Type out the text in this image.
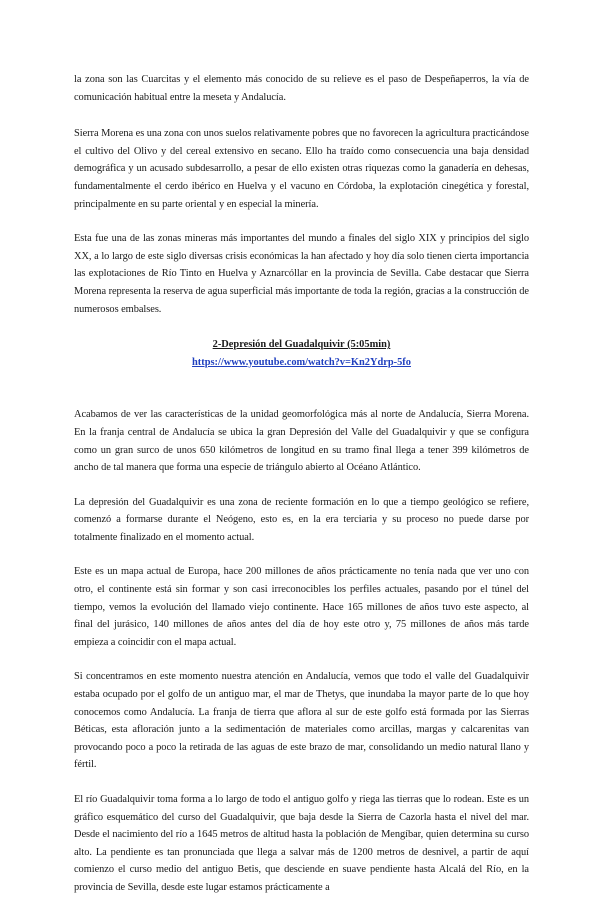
la zona son las Cuarcitas y el elemento más conocido de su relieve es el paso de Despeñaperros, la vía de comunicación habitual entre la meseta y Andalucía.

Sierra Morena es una zona con unos suelos relativamente pobres que no favorecen la agricultura practicándose el cultivo del Olivo y del cereal extensivo en secano. Ello ha traído como consecuencia una baja densidad demográfica y un acusado subdesarrollo, a pesar de ello existen otras riquezas como la ganadería en dehesas, fundamentalmente el cerdo ibérico en Huelva y el vacuno en Córdoba, la explotación cinegética y forestal, principalmente en su parte oriental y en especial la minería.

Esta fue una de las zonas mineras más importantes del mundo a finales del siglo XIX y principios del siglo XX, a lo largo de este siglo diversas crisis económicas la han afectado y hoy día solo tienen cierta importancia las explotaciones de Río Tinto en Huelva y Aznarcóllar en la provincia de Sevilla. Cabe destacar que Sierra Morena representa la reserva de agua superficial más importante de toda la región, gracias a la construcción de numerosos embalses.

2-Depresión del Guadalquivir (5:05min)
https://www.youtube.com/watch?v=Kn2Ydrp-5fo

Acabamos de ver las características de la unidad geomorfológica más al norte de Andalucía, Sierra Morena. En la franja central de Andalucía se ubica la gran Depresión del Valle del Guadalquivir y que se configura como un gran surco de unos 650 kilómetros de longitud en su tramo final llega a tener 399 kilómetros de ancho de tal manera que forma una especie de triángulo abierto al Océano Atlántico.

La depresión del Guadalquivir es una zona de reciente formación en lo que a tiempo geológico se refiere, comenzó a formarse durante el Neógeno, esto es, en la era terciaria y su proceso no puede darse por totalmente finalizado en el momento actual.

Este es un mapa actual de Europa, hace 200 millones de años prácticamente no tenía nada que ver uno con otro, el continente está sin formar y son casi irreconocibles los perfiles actuales, pasando por el túnel del tiempo, vemos la evolución del llamado viejo continente. Hace 165 millones de años tuvo este aspecto, al final del jurásico, 140 millones de años antes del día de hoy este otro y, 75 millones de años más tarde empieza a coincidir con el mapa actual.

Si concentramos en este momento nuestra atención en Andalucía, vemos que todo el valle del Guadalquivir estaba ocupado por el golfo de un antiguo mar, el mar de Thetys, que inundaba la mayor parte de lo que hoy conocemos como Andalucía. La franja de tierra que aflora al sur de este golfo está formada por las Sierras Béticas, esta afloración junto a la sedimentación de materiales como arcillas, margas y calcarenitas van provocando poco a poco la retirada de las aguas de este brazo de mar, consolidando un medio natural llano y fértil.

El río Guadalquivir toma forma a lo largo de todo el antiguo golfo y riega las tierras que lo rodean. Este es un gráfico esquemático del curso del Guadalquivir, que baja desde la Sierra de Cazorla hasta el nivel del mar. Desde el nacimiento del río a 1645 metros de altitud hasta la población de Mengíbar, quien determina su curso alto. La pendiente es tan pronunciada que llega a salvar más de 1200 metros de desnivel, a partir de aquí comienzo el curso medio del antiguo Betis, que desciende en suave pendiente hasta Alcalá del Río, en la provincia de Sevilla, desde este lugar estamos prácticamente a
